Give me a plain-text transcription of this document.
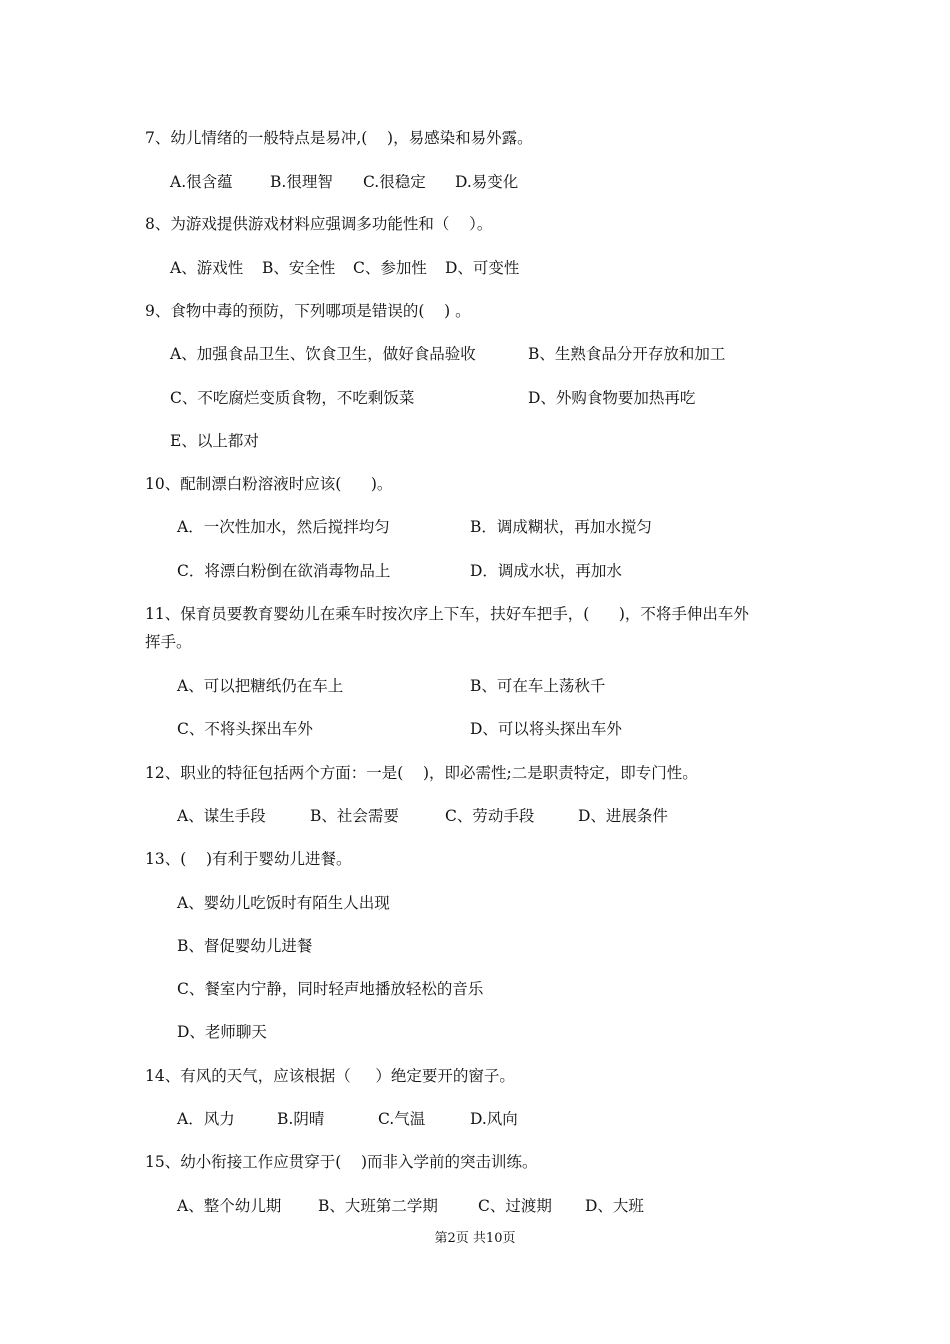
7、幼儿情绪的一般特点是易冲,(    )，易感染和易外露。
A.很含蕴 B.很理智 C.很稳定 D.易变化
8、为游戏提供游戏材料应强调多功能性和（    ）。
A、游戏性 B、安全性 C、参加性 D、可变性
9、食物中毒的预防，下列哪项是错误的(    ) 。
A、加强食品卫生、饮食卫生，做好食品验收	B、生熟食品分开存放和加工
C、不吃腐烂变质食物，不吃剩饭菜	D、外购食物要加热再吃
E、以上都对
10、配制漂白粉溶液时应该(      )。
A．一次性加水，然后搅拌均匀	B．调成糊状，再加水搅匀
C．将漂白粉倒在欲消毒物品上	D．调成水状，再加水
11、保育员要教育婴幼儿在乘车时按次序上下车，扶好车把手，(      )，不将手伸出车外
挥手。
A、可以把糖纸仍在车上	B、可在车上荡秋千
C、不将头探出车外	D、可以将头探出车外
12、职业的特征包括两个方面：一是(    )，即必需性;二是职责特定，即专门性。
A、谋生手段	B、社会需要	C、劳动手段	D、进展条件
13、(    )有利于婴幼儿进餐。
A、婴幼儿吃饭时有陌生人出现
B、督促婴幼儿进餐
C、餐室内宁静，同时轻声地播放轻松的音乐
D、老师聊天
14、有风的天气，应该根据（     ）绝定要开的窗子。
A．风力	B.阴晴	C.气温	D.风向
15、幼小衔接工作应贯穿于(    )而非入学前的突击训练。
A、整个幼儿期 B、大班第二学期	C、过渡期 D、大班
第2页 共10页
